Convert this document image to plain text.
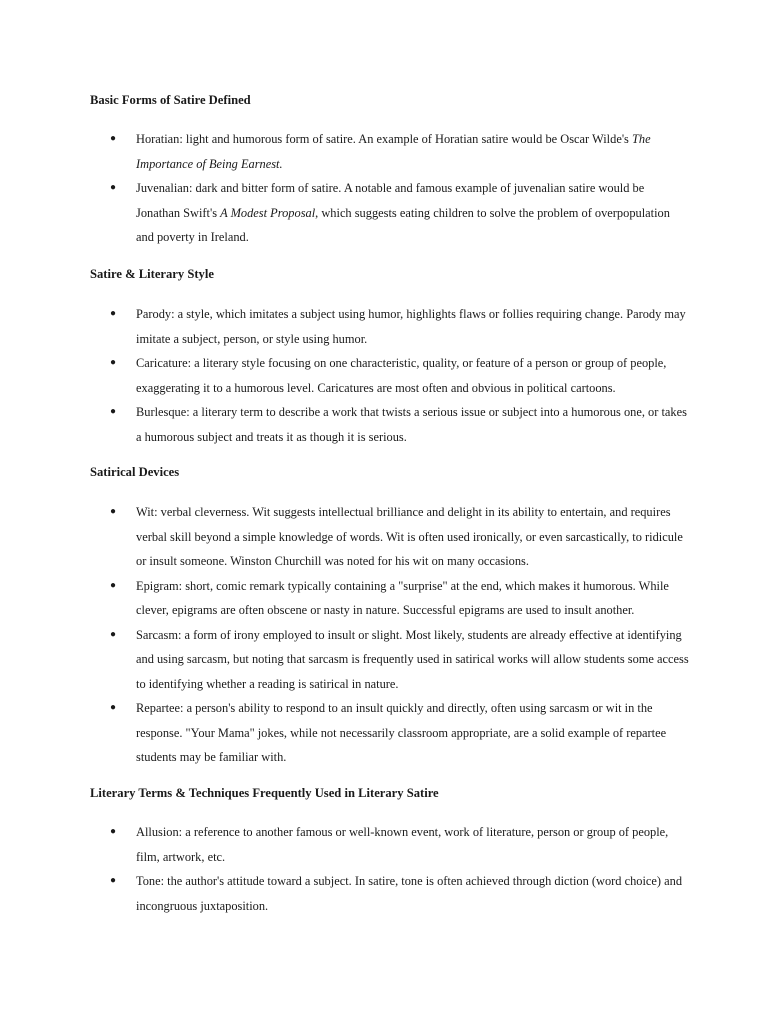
Basic Forms of Satire Defined
● Horatian: light and humorous form of satire. An example of Horatian satire would be Oscar Wilde's The Importance of Being Earnest.
● Juvenalian: dark and bitter form of satire. A notable and famous example of juvenalian satire would be Jonathan Swift's A Modest Proposal, which suggests eating children to solve the problem of overpopulation and poverty in Ireland.
Satire & Literary Style
● Parody: a style, which imitates a subject using humor, highlights flaws or follies requiring change. Parody may imitate a subject, person, or style using humor.
● Caricature: a literary style focusing on one characteristic, quality, or feature of a person or group of people, exaggerating it to a humorous level. Caricatures are most often and obvious in political cartoons.
● Burlesque: a literary term to describe a work that twists a serious issue or subject into a humorous one, or takes a humorous subject and treats it as though it is serious.
Satirical Devices
● Wit: verbal cleverness. Wit suggests intellectual brilliance and delight in its ability to entertain, and requires verbal skill beyond a simple knowledge of words. Wit is often used ironically, or even sarcastically, to ridicule or insult someone. Winston Churchill was noted for his wit on many occasions.
● Epigram: short, comic remark typically containing a "surprise" at the end, which makes it humorous. While clever, epigrams are often obscene or nasty in nature. Successful epigrams are used to insult another.
● Sarcasm: a form of irony employed to insult or slight. Most likely, students are already effective at identifying and using sarcasm, but noting that sarcasm is frequently used in satirical works will allow students some access to identifying whether a reading is satirical in nature.
● Repartee: a person's ability to respond to an insult quickly and directly, often using sarcasm or wit in the response. "Your Mama" jokes, while not necessarily classroom appropriate, are a solid example of repartee students may be familiar with.
Literary Terms & Techniques Frequently Used in Literary Satire
● Allusion: a reference to another famous or well-known event, work of literature, person or group of people, film, artwork, etc.
● Tone: the author's attitude toward a subject. In satire, tone is often achieved through diction (word choice) and incongruous juxtaposition.
